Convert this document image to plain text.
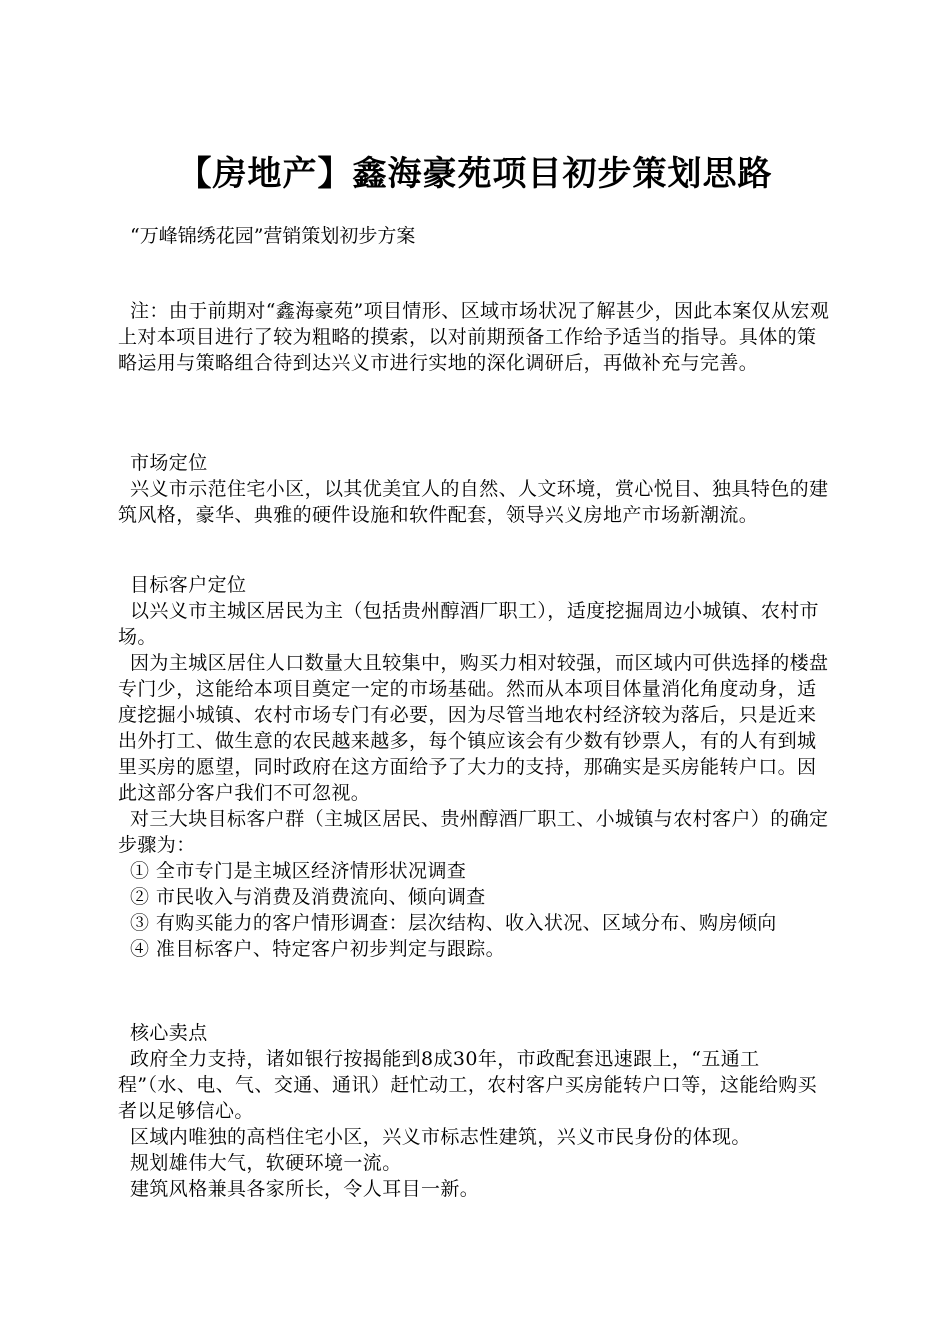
【房地产】鑫海豪苑项目初步策划思路
“万峰锦绣花园”营销策划初步方案

注：由于前期对“鑫海豪苑”项目情形、区域市场状况了解甚少，因此本案仅从宏观上对本项目进行了较为粗略的摸索，以对前期预备工作给予适当的指导。具体的策略运用与策略组合待到达兴义市进行实地的深化调研后，再做补充与完善。

市场定位

兴义市示范住宅小区，以其优美宜人的自然、人文环境，赏心悦目、独具特色的建筑风格，豪华、典雅的硬件设施和软件配套，领导兴义房地产市场新潮流。

目标客户定位

以兴义市主城区居民为主（包括贵州醇酒厂职工），适度挖掘周边小城镇、农村市场。

因为主城区居住人口数量大且较集中，购买力相对较强，而区域内可供选择的楼盘专门少，这能给本项目奠定一定的市场基础。然而从本项目体量消化角度动身，适度挖掘小城镇、农村市场专门有必要，因为尽管当地农村经济较为落后，只是近来出外打工、做生意的农民越来越多，每个镇应该会有少数有钞票人，有的人有到城里买房的愿望，同时政府在这方面给予了大力的支持，那确实是买房能转户口。因此这部分客户我们不可忽视。

对三大块目标客户群（主城区居民、贵州醇酒厂职工、小城镇与农村客户）的确定步骤为：

① 全市专门是主城区经济情形状况调查

② 市民收入与消费及消费流向、倾向调查

③ 有购买能力的客户情形调查：层次结构、收入状况、区域分布、购房倾向

④ 准目标客户、特定客户初步判定与跟踪。

核心卖点

政府全力支持，诸如银行按揭能到8成30年，市政配套迅速跟上，“五通工程”（水、电、气、交通、通讯）赶忙动工，农村客户买房能转户口等，这能给购买者以足够信心。

区域内唯独的高档住宅小区，兴义市标志性建筑，兴义市民身份的体现。

规划雄伟大气，软硬环境一流。

建筑风格兼具各家所长，令人耳目一新。
